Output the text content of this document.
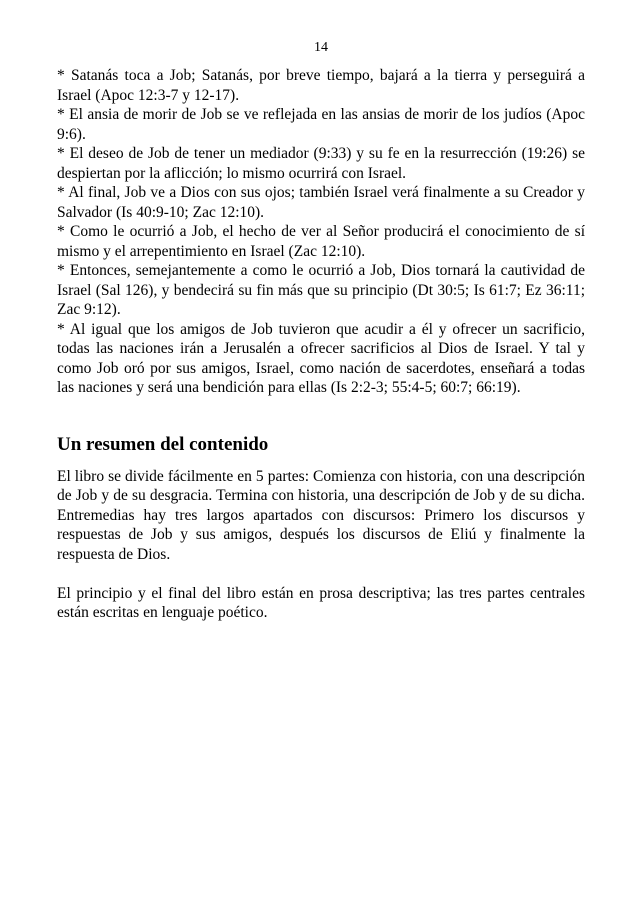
14

* Satanás toca a Job; Satanás, por breve tiempo, bajará a la tierra y perseguirá a Israel (Apoc 12:3-7 y 12-17).

* El ansia de morir de Job se ve reflejada en las ansias de morir de los judíos (Apoc 9:6).

* El deseo de Job de tener un mediador (9:33) y su fe en la resurrección (19:26) se despiertan por la aflicción; lo mismo ocurrirá con Israel.

* Al final, Job ve a Dios con sus ojos; también Israel verá finalmente a su Creador y Salvador (Is 40:9-10; Zac 12:10).

* Como le ocurrió a Job, el hecho de ver al Señor producirá el conocimiento de sí mismo y el arrepentimiento en Israel (Zac 12:10).

* Entonces, semejantemente a como le ocurrió a Job, Dios tornará la cautividad de Israel (Sal 126), y bendecirá su fin más que su principio (Dt 30:5; Is 61:7; Ez 36:11; Zac 9:12).

* Al igual que los amigos de Job tuvieron que acudir a él y ofrecer un sacrificio, todas las naciones irán a Jerusalén a ofrecer sacrificios al Dios de Israel. Y tal y como Job oró por sus amigos, Israel, como nación de sacerdotes, enseñará a todas las naciones y será una bendición para ellas (Is 2:2-3; 55:4-5; 60:7; 66:19).

Un resumen del contenido

El libro se divide fácilmente en 5 partes: Comienza con historia, con una descripción de Job y de su desgracia. Termina con historia, una descripción de Job y de su dicha. Entremedias hay tres largos apartados con discursos: Primero los discursos y respuestas de Job y sus amigos, después los discursos de Eliú y finalmente la respuesta de Dios.

El principio y el final del libro están en prosa descriptiva; las tres partes centrales están escritas en lenguaje poético.
